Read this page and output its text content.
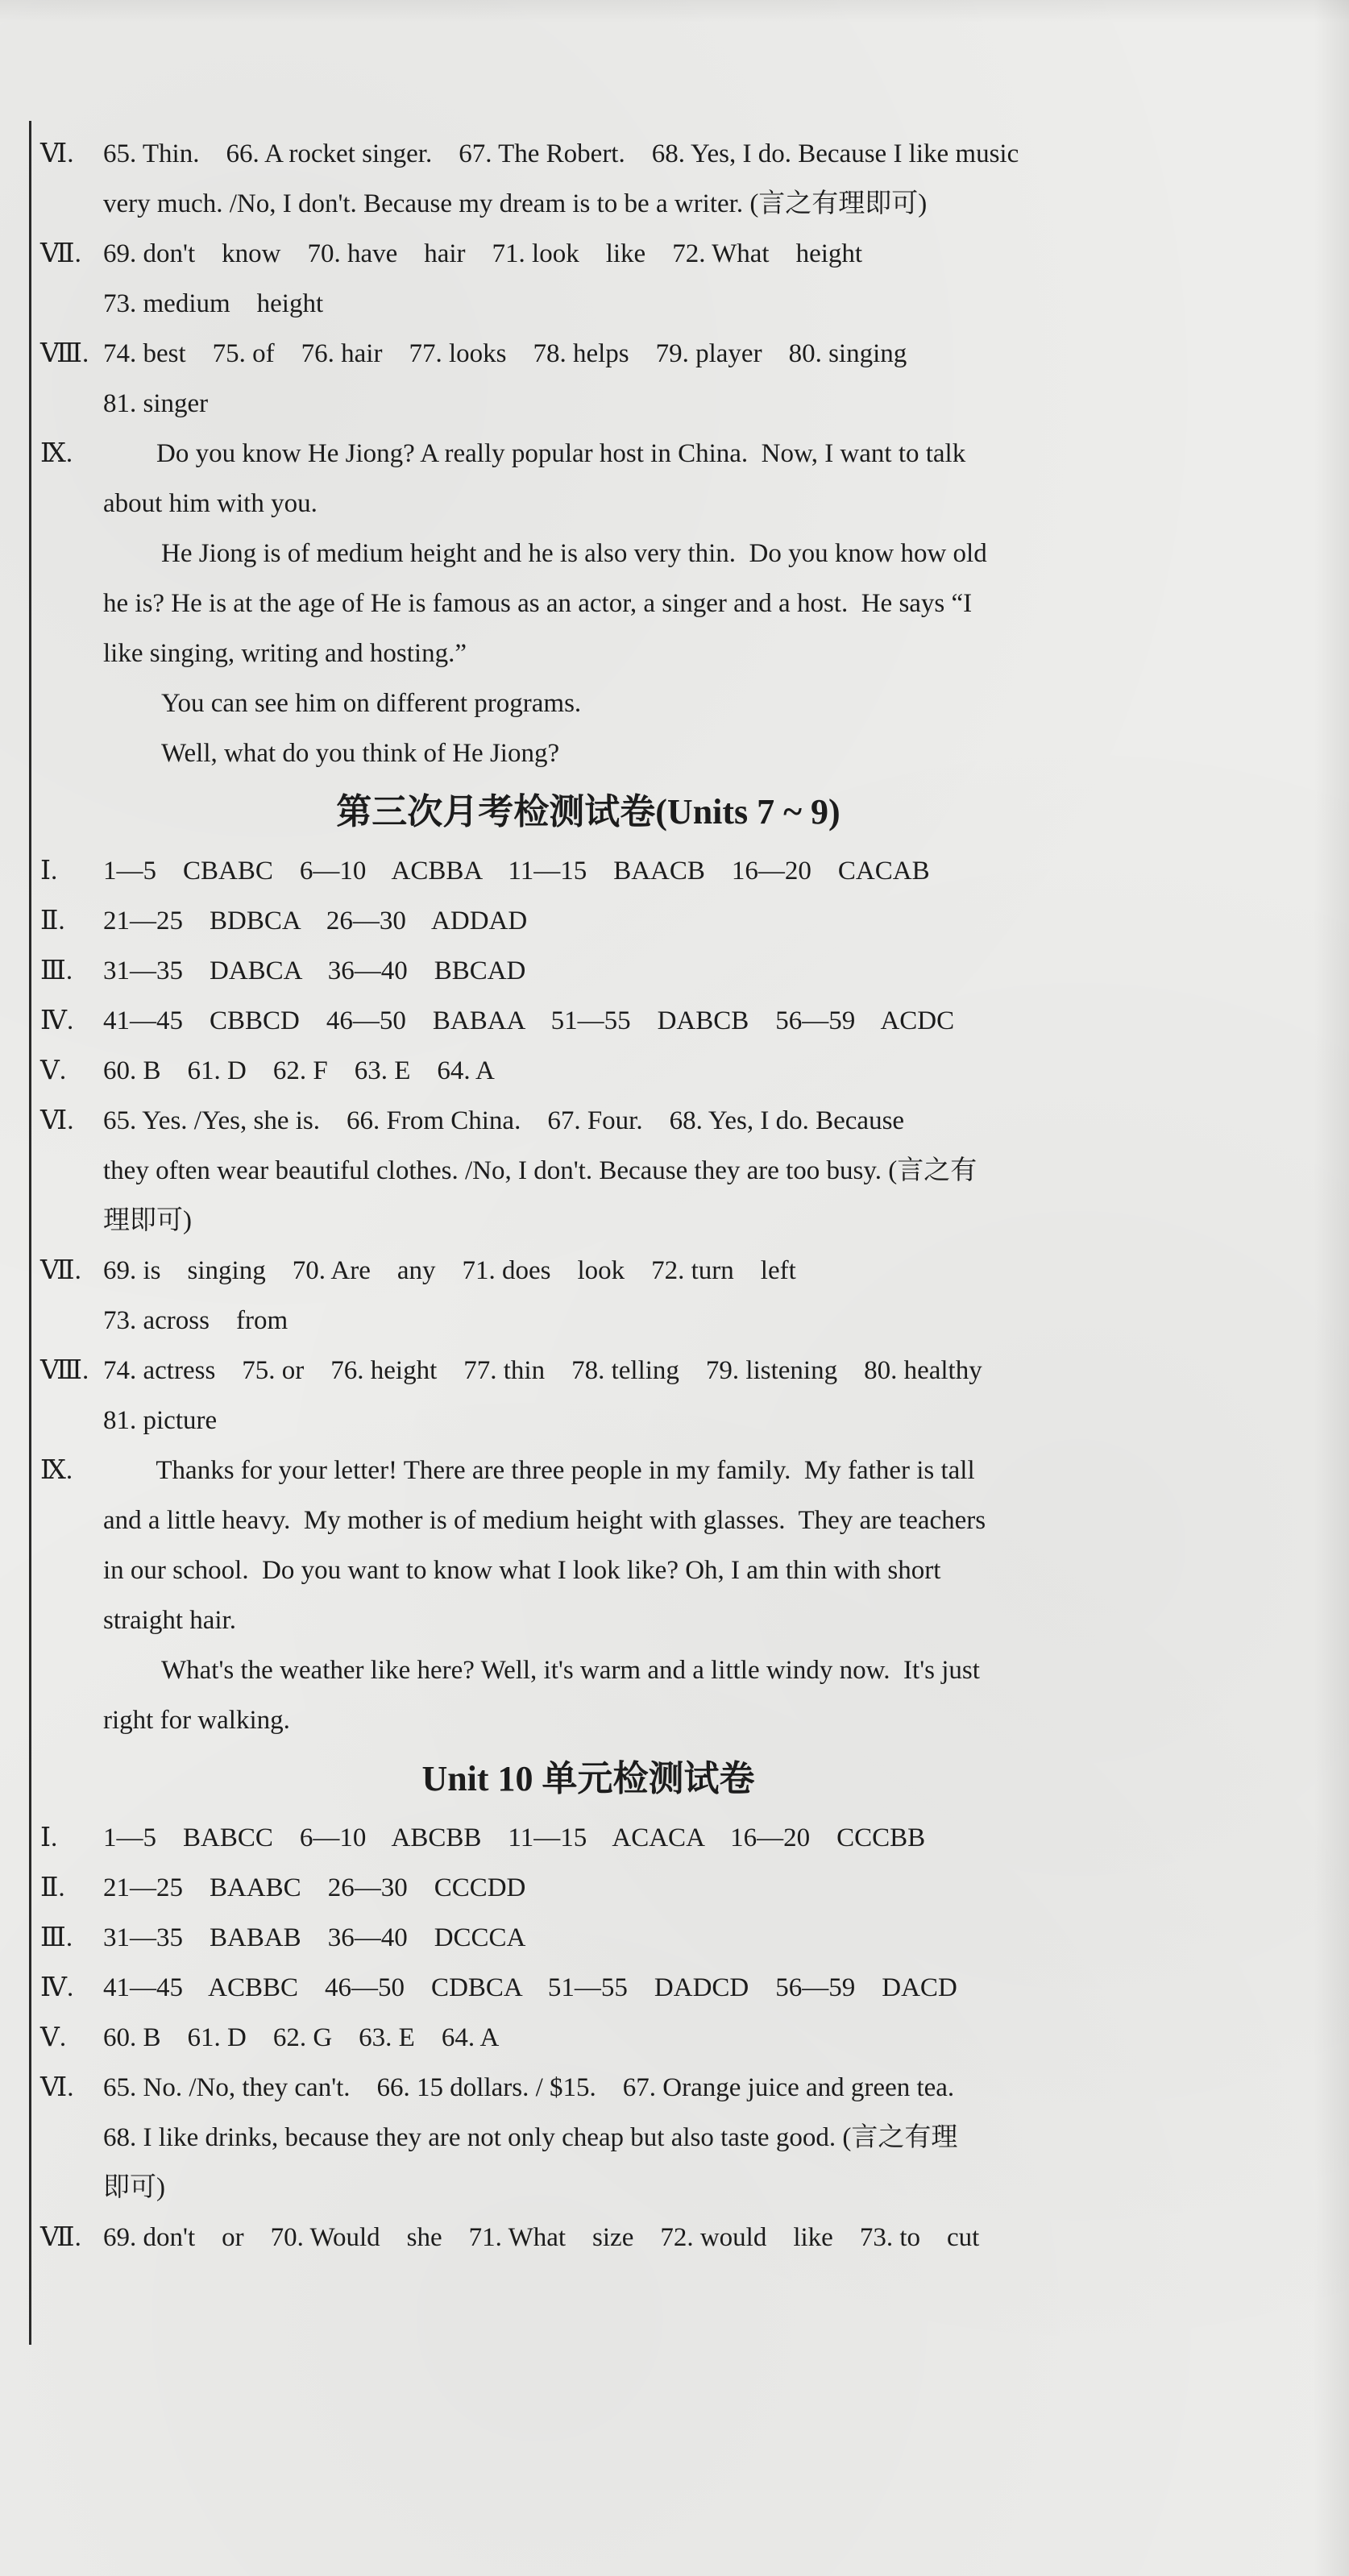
Ⅵ. 65. Thin.    66. A rocket singer.    67. The Robert.    68. Yes, I do. Because I like music
very much. /No, I don't. Because my dream is to be a writer. (言之有理即可)
Ⅶ. 69. don't    know    70. have    hair    71. look    like    72. What    height
73. medium    height
Ⅷ. 74. best    75. of    76. hair    77. looks    78. helps    79. player    80. singing
81. singer
Ⅸ.        Do you know He Jiong? A really popular host in China.  Now, I want to talk
about him with you.
He Jiong is of medium height and he is also very thin.  Do you know how old
he is? He is at the age of He is famous as an actor, a singer and a host.  He says “I
like singing, writing and hosting.”
You can see him on different programs.
Well, what do you think of He Jiong?
第三次月考检测试卷(Units 7 ~ 9)
Ⅰ. 1—5    CBABC    6—10    ACBBA    11—15    BAACB    16—20    CACAB
Ⅱ. 21—25    BDBCA    26—30    ADDAD
Ⅲ. 31—35    DABCA    36—40    BBCAD
Ⅳ. 41—45    CBBCD    46—50    BABAA    51—55    DABCB    56—59    ACDC
Ⅴ. 60. B    61. D    62. F    63. E    64. A
Ⅵ. 65. Yes. /Yes, she is.    66. From China.    67. Four.    68. Yes, I do. Because
they often wear beautiful clothes. /No, I don't. Because they are too busy. (言之有
理即可)
Ⅶ. 69. is    singing    70. Are    any    71. does    look    72. turn    left
73. across    from
Ⅷ. 74. actress    75. or    76. height    77. thin    78. telling    79. listening    80. healthy
81. picture
Ⅸ.        Thanks for your letter! There are three people in my family.  My father is tall
and a little heavy.  My mother is of medium height with glasses.  They are teachers
in our school.  Do you want to know what I look like? Oh, I am thin with short
straight hair.
What's the weather like here? Well, it's warm and a little windy now.  It's just
right for walking.
Unit 10 单元检测试卷
Ⅰ. 1—5    BABCC    6—10    ABCBB    11—15    ACACA    16—20    CCCBB
Ⅱ. 21—25    BAABC    26—30    CCCDD
Ⅲ. 31—35    BABAB    36—40    DCCCA
Ⅳ. 41—45    ACBBC    46—50    CDBCA    51—55    DADCD    56—59    DACD
Ⅴ. 60. B    61. D    62. G    63. E    64. A
Ⅵ. 65. No. /No, they can't.    66. 15 dollars. / $15.    67. Orange juice and green tea.
68. I like drinks, because they are not only cheap but also taste good. (言之有理
即可)
Ⅶ. 69. don't    or    70. Would    she    71. What    size    72. would    like    73. to    cut
